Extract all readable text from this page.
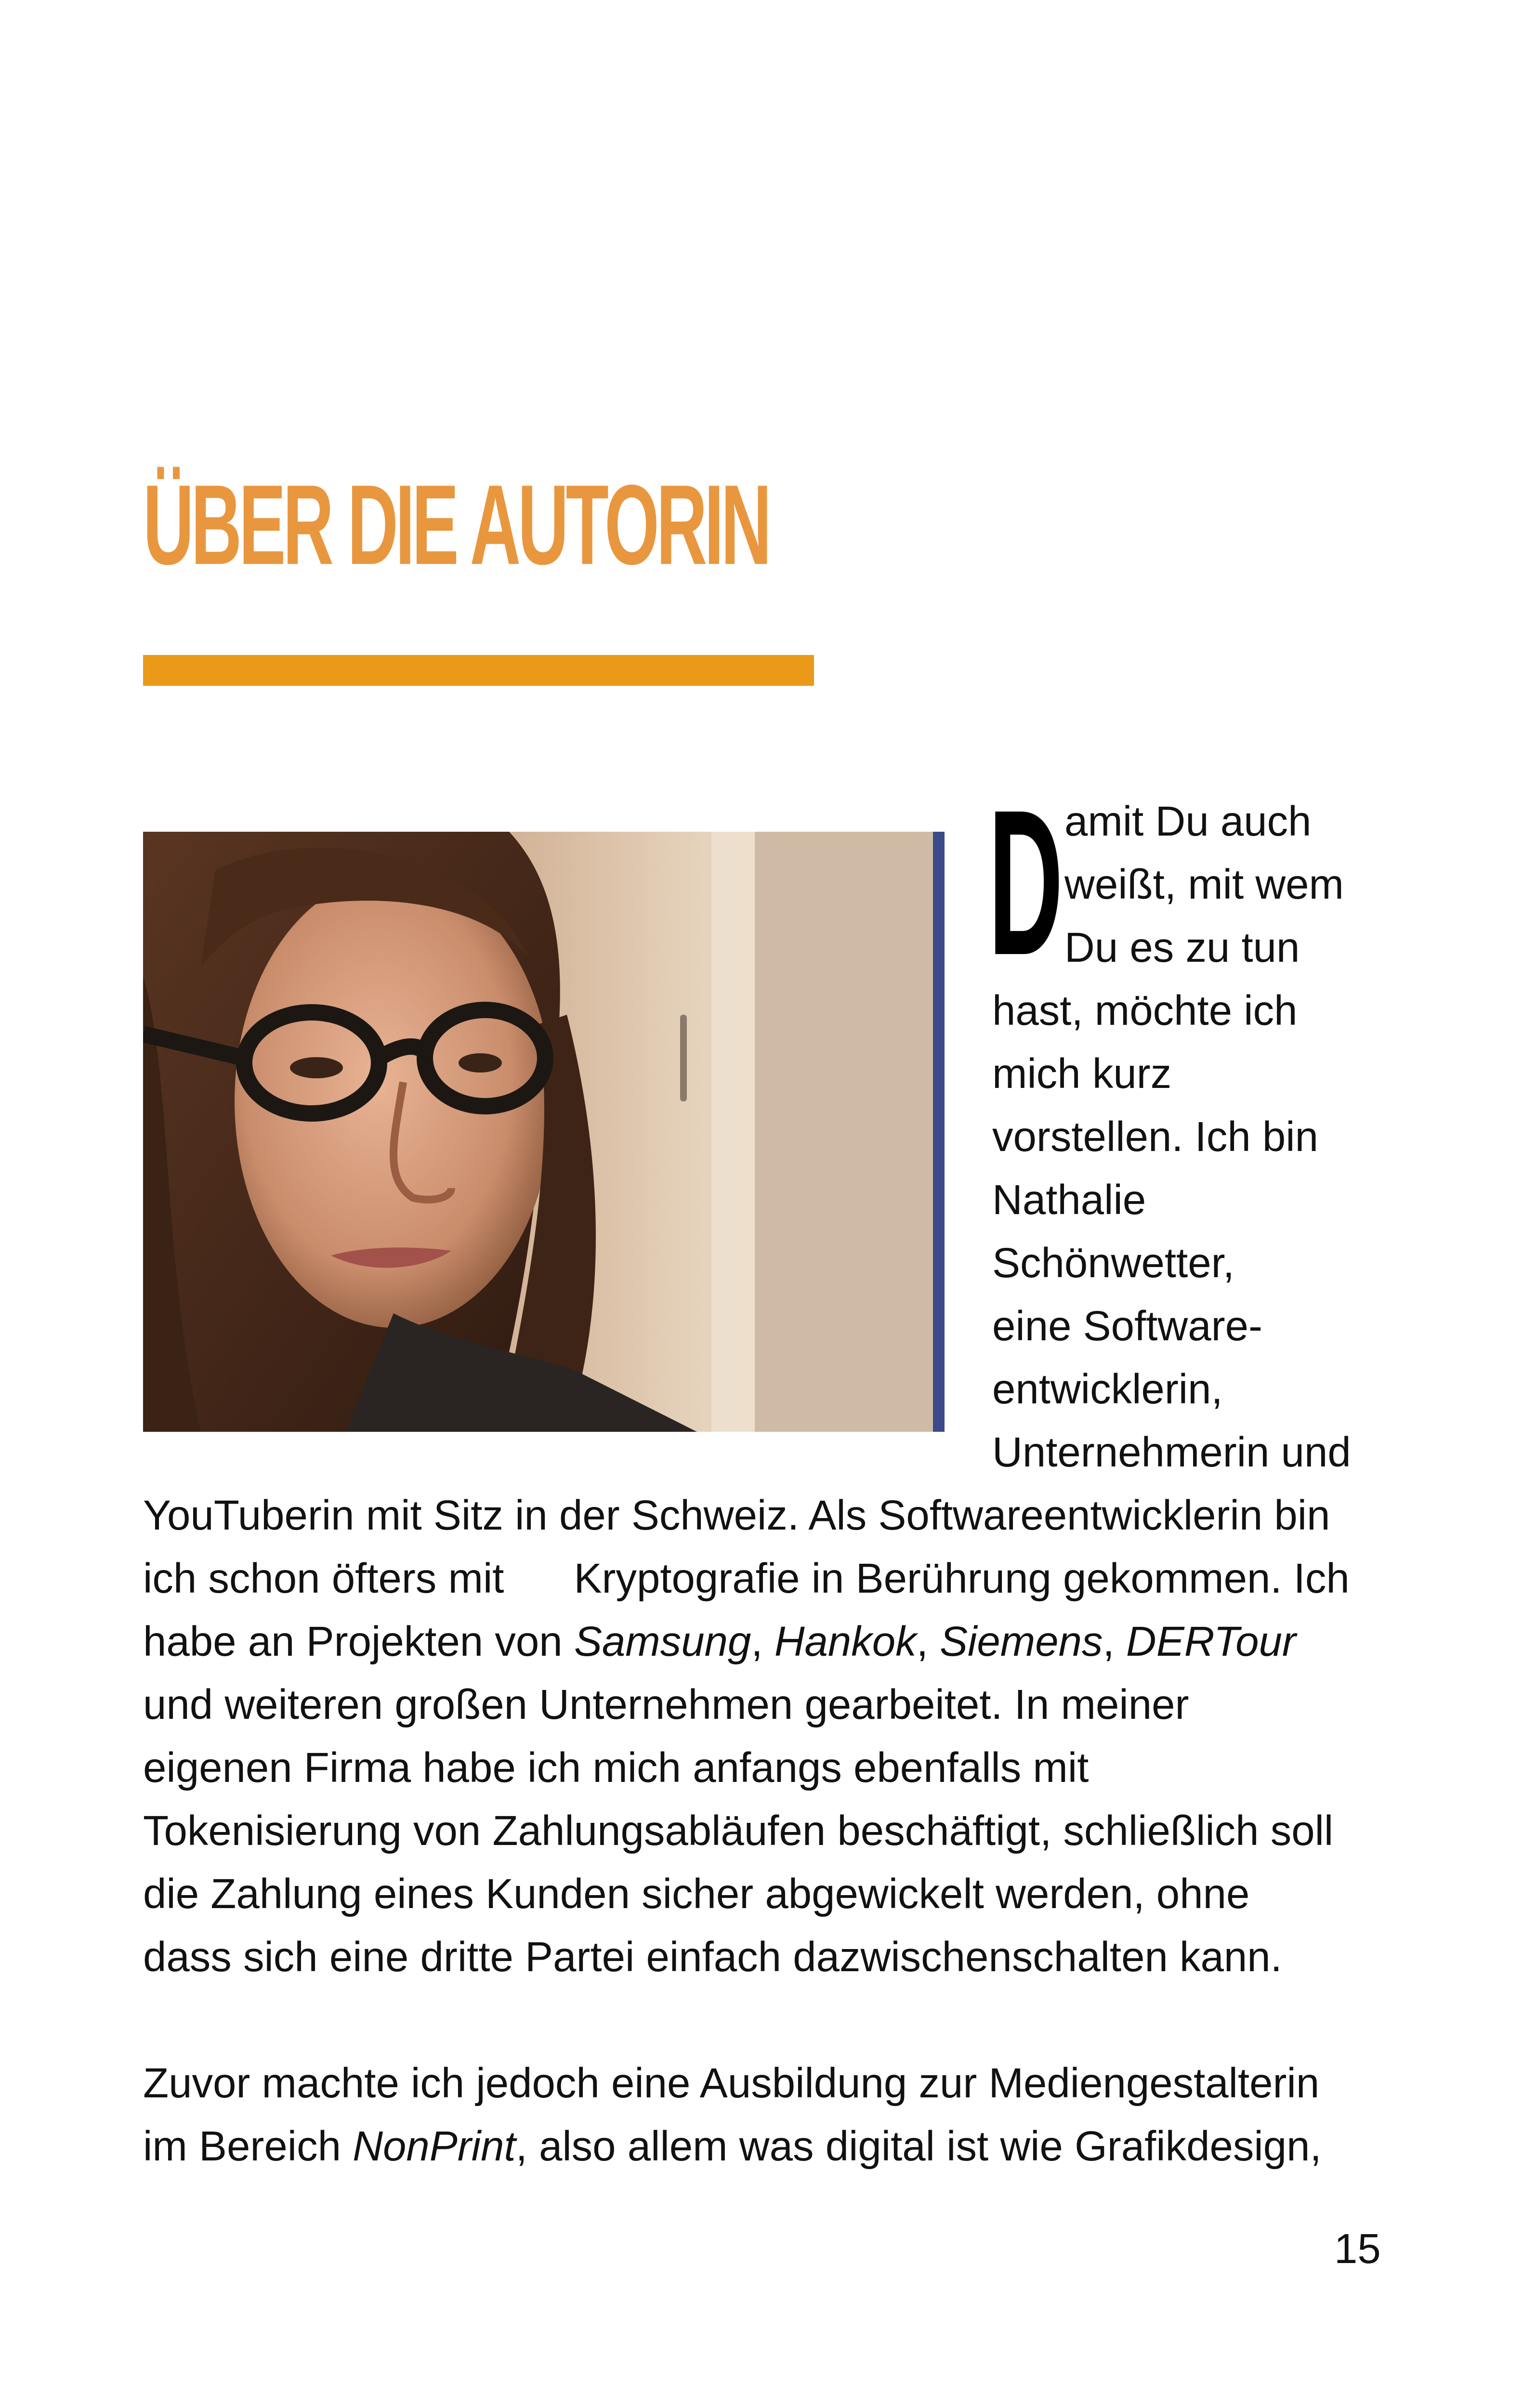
ÜBER DIE AUTORIN
D amit Du auch
weißt, mit wem
Du es zu tun
hast, möchte ich
mich kurz
vorstellen. Ich bin
Nathalie
Schönwetter,
eine Software-
entwicklerin,
Unternehmerin und
YouTuberin mit Sitz in der Schweiz. Als Softwareentwicklerin bin
ich schon öfters mit      Kryptografie in Berührung gekommen. Ich
habe an Projekten von Samsung, Hankok, Siemens, DERTour
und weiteren großen Unternehmen gearbeitet. In meiner
eigenen Firma habe ich mich anfangs ebenfalls mit
Tokenisierung von Zahlungsabläufen beschäftigt, schließlich soll
die Zahlung eines Kunden sicher abgewickelt werden, ohne
dass sich eine dritte Partei einfach dazwischenschalten kann.
Zuvor machte ich jedoch eine Ausbildung zur Mediengestalterin
im Bereich NonPrint, also allem was digital ist wie Grafikdesign,
15
